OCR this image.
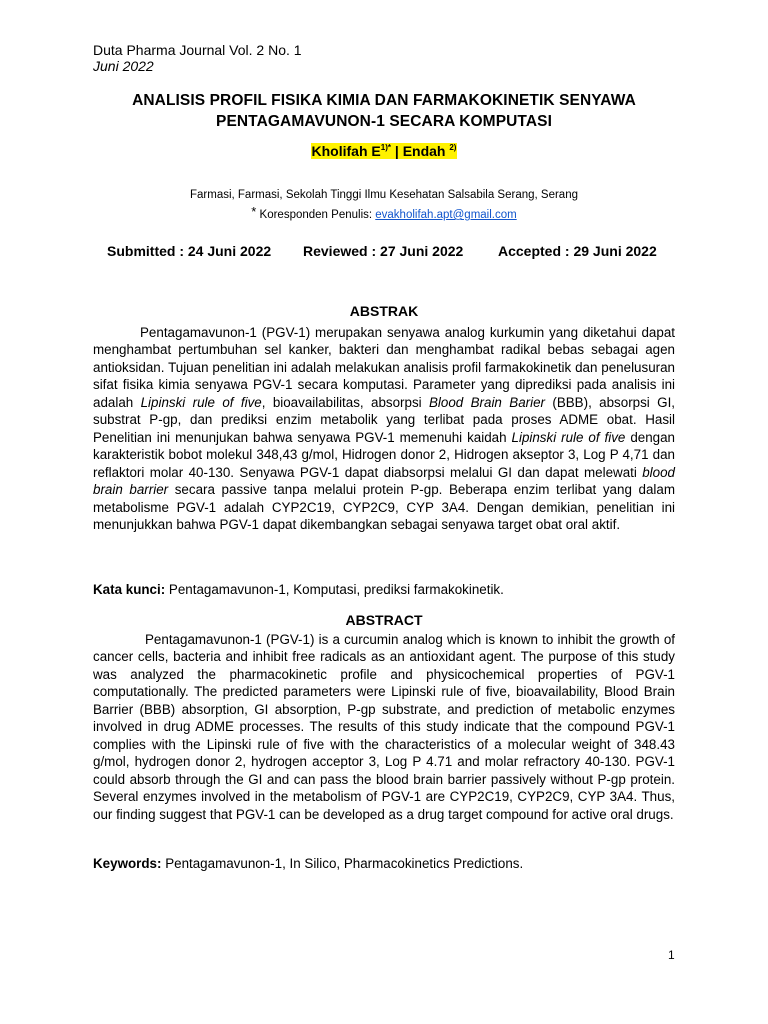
Duta Pharma Journal Vol. 2 No. 1
Juni 2022
ANALISIS PROFIL FISIKA KIMIA DAN FARMAKOKINETIK SENYAWA
PENTAGAMAVUNON-1 SECARA KOMPUTASI
Kholifah $E^{1)*}$ | Endah $^{2)}$
Farmasi, Farmasi, Sekolah Tinggi Ilmu Kesehatan Salsabila Serang, Serang
* Koresponden Penulis: evakholifah.apt@gmail.com
Submitted : 24 Juni 2022 Reviewed : 27 Juni 2022 Accepted : 29 Juni 2022
ABSTRAK

Pentagamavunon-1 (PGV-1) merupakan senyawa analog kurkumin yang diketahui dapat menghambat pertumbuhan sel kanker, bakteri dan menghambat radikal bebas sebagai agen antioksidan. Tujuan penelitian ini adalah melakukan analisis profil farmakokinetik dan penelusuran sifat fisika kimia senyawa PGV-1 secara komputasi. Parameter yang diprediksi pada analisis ini adalah Lipinski rule of five, bioavailabilitas, absorpsi Blood Brain Barier (BBB), absorpsi GI, substrat P-gp, dan prediksi enzim metabolik yang terlibat pada proses ADME obat. Hasil Penelitian ini menunjukan bahwa senyawa PGV-1 memenuhi kaidah Lipinski rule of five dengan karakteristik bobot molekul 348,43 g/mol, Hidrogen donor 2, Hidrogen akseptor 3, Log P 4,71 dan reflaktori molar 40-130. Senyawa PGV-1 dapat diabsorpsi melalui GI dan dapat melewati blood brain barrier secara passive tanpa melalui protein P-gp. Beberapa enzim terlibat yang dalam metabolisme PGV-1 adalah CYP2C19, CYP2C9, CYP 3A4. Dengan demikian, penelitian ini menunjukkan bahwa PGV-1 dapat dikembangkan sebagai senyawa target obat oral aktif.

Kata kunci: Pentagamavunon-1, Komputasi, prediksi farmakokinetik.
ABSTRACT

Pentagamavunon-1 (PGV-1) is a curcumin analog which is known to inhibit the growth of cancer cells, bacteria and inhibit free radicals as an antioxidant agent. The purpose of this study was analyzed the pharmacokinetic profile and physicochemical properties of PGV-1 computationally. The predicted parameters were Lipinski rule of five, bioavailability, Blood Brain Barrier (BBB) absorption, GI absorption, P-gp substrate, and prediction of metabolic enzymes involved in drug ADME processes. The results of this study indicate that the compound PGV-1 complies with the Lipinski rule of five with the characteristics of a molecular weight of 348.43 g/mol, hydrogen donor 2, hydrogen acceptor 3, Log P 4.71 and molar refractory 40-130. PGV-1 could absorb through the GI and can pass the blood brain barrier passively without P-gp protein. Several enzymes involved in the metabolism of PGV-1 are CYP2C19, CYP2C9, CYP 3A4. Thus, our finding suggest that PGV-1 can be developed as a drug target compound for active oral drugs.

Keywords: Pentagamavunon-1, In Silico, Pharmacokinetics Predictions.
1
